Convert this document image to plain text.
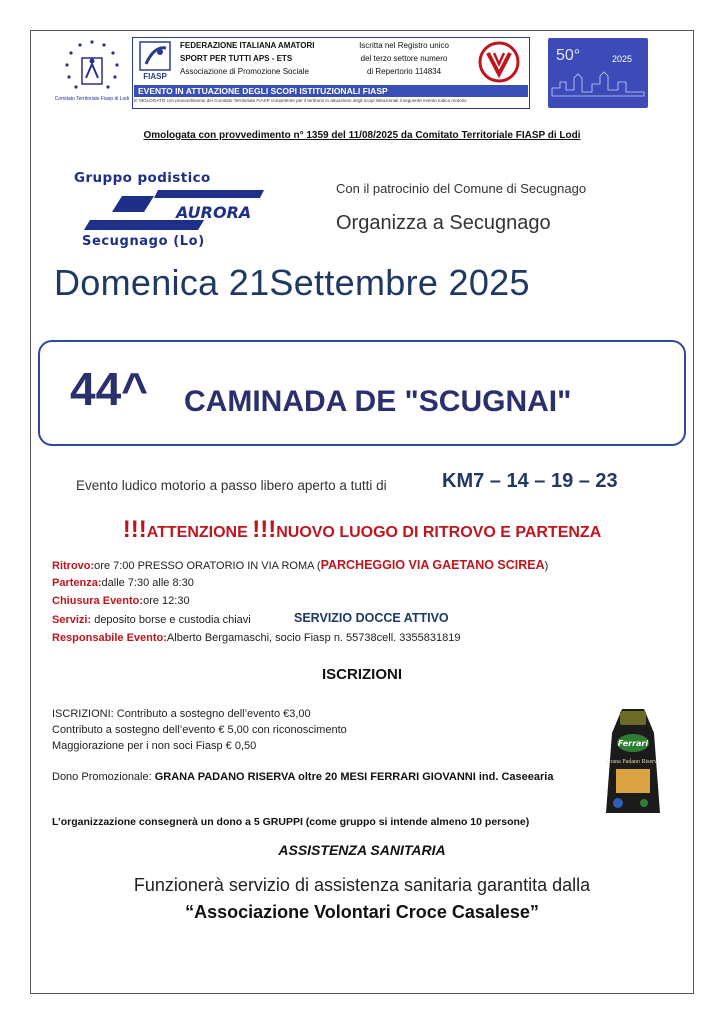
Comitato Territoriale Fiasp di Lodi
FIASP
FEDERAZIONE ITALIANA AMATORI
SPORT PER TUTTI APS - ETS
Associazione di Promozione Sociale
Iscritta nel Registro unico
del terzo settore numero
di Repertorio 114834
EVENTO IN ATTUAZIONE DEGLI SCOPI ISTITUZIONALI FIASP
E' MOLOGATO con provvedimento del Comitato Territoriale FIASP competente per il territorio in attuazione degli scopi istituzionali il seguente evento ludico motorio
50°	2025
Omologata con provvedimento n° 1359 del 11/08/2025 da Comitato Territoriale FIASP di Lodi
Gruppo podistico
AURORA
Secugnago (Lo)
Con il patrocinio del Comune di Secugnago
Organizza a Secugnago
Domenica 21Settembre 2025
44^ CAMINADA DE "SCUGNAI"
Evento ludico motorio a passo libero aperto a tutti di	KM7 – 14 – 19 – 23
!!!ATTENZIONE !!!NUOVO LUOGO DI RITROVO E PARTENZA
Ritrovo:ore 7:00 PRESSO ORATORIO IN VIA ROMA (PARCHEGGIO VIA GAETANO SCIREA)
Partenza:dalle 7:30 alle 8:30
Chiusura Evento:ore 12:30
Servizi: deposito borse e custodia chiavi	SERVIZIO DOCCE ATTIVO
Responsabile Evento:Alberto Bergamaschi, socio Fiasp n. 55738cell. 3355831819
ISCRIZIONI
ISCRIZIONI: Contributo a sostegno dell’evento €3,00
Contributo a sostegno dell’evento € 5,00 con riconoscimento
Maggiorazione per i non soci Fiasp € 0,50
Dono Promozionale: GRANA PADANO RISERVA oltre 20 MESI FERRARI GIOVANNI ind. Caseearia
Ferrari
Grana Padano Riserva
L’organizzazione consegnerà un dono a 5 GRUPPI (come gruppo si intende almeno 10 persone)
ASSISTENZA SANITARIA
Funzionerà servizio di assistenza sanitaria garantita dalla
“Associazione Volontari Croce Casalese”
